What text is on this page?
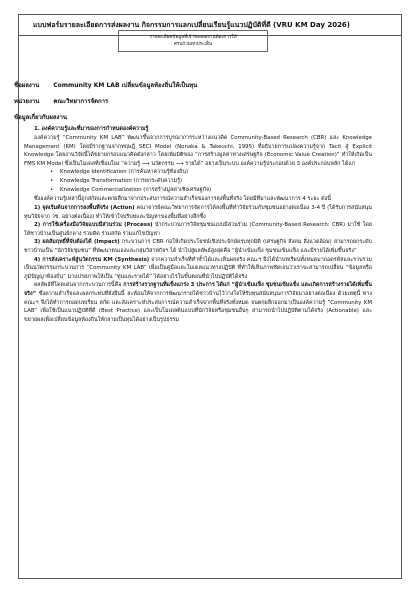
แบบฟอร์มรายละเอียดการส่งผลงาน กิจกรรมการแลกเปลี่ยนเรียนรู้แนวปฏิบัติที่ดี (VRU KM Day 2026)
รายละเอียดข้อมูลที่เจ้าของผลงานต้องการให้
ครบถ้วนทุกประเด็น
ชื่อผลงาน Community KM LAB เปลี่ยนข้อมูลท้องถิ่นให้เป็นทุน
หน่วยงาน คณะวิทยาการจัดการ
ข้อมูลเกี่ยวกับผลงาน
1. องค์ความรู้และที่มาของการกำหนดองค์ความรู้
องค์ความรู้ “Community KM LAB” พัฒนาขึ้นจากการบูรณาการระหว่างแนวคิด Community-Based Research (CBR) และ Knowledge Management (KM) โดยมีรากฐานจากทฤษฎี SECI Model (Nonaka & Takeuchi, 1995) ที่อธิบายการแปลงความรู้จาก Tacit สู่ Explicit Knowledge โดยงานวิจัยนี้ได้ขยายกรอบแนวคิดดังกล่าว โดยเพิ่มมิติของ “การสร้างมูลค่าทางเศรษฐกิจ (Economic Value Creation)” ทำให้เกิดเป็น FMS KM Model ซึ่งเป็นโมเดลที่เชื่อมโยง “ความรู้ ⟶ นวัตกรรม ⟶ รายได้” อย่างเป็นระบบ องค์ความรู้ประกอบด้วย 3 องค์ประกอบหลัก ได้แก่
• Knowledge Identification (การค้นหาความรู้ท้องถิ่น)
• Knowledge Transformation (การยกระดับความรู้)
• Knowledge Commercialization (การสร้างมูลค่าเชิงเศรษฐกิจ)
ซึ่งองค์ความรู้เหล่านี้ถูกสกัดและตกผลึกมาจากประสบการณ์ความสำเร็จของการลงพื้นที่จริง โดยมีที่มาและพัฒนาการ 4 ระยะ ดังนี้
1) จุดเริ่มต้นจากการลงพื้นที่จริง (Action) คณาจารย์คณะวิทยาการจัดการได้ลงพื้นที่ทำวิจัยร่วมกับชุมชนอย่างต่อเนื่อง 3-4 ปี (ได้รับการสนับสนุนทุนวิจัยจาก วช. อย่างต่อเนื่อง) ทำให้เข้าใจบริบทและปัญหาของพื้นที่อย่างลึกซึ้ง
2) การใช้เครื่องมือวิจัยแบบมีส่วนร่วม (Process) นำกระบวนการวิจัยชุมชนแบบมีส่วนร่วม (Community-Based Research: CBR) มาใช้ โดยให้ชาวบ้านเป็นศูนย์กลาง ร่วมคิด ร่วมสกัด ร่วมแก้ไขปัญหา
3) ผลสัมฤทธิ์ที่จับต้องได้ (Impact) กระบวนการ CBR ก่อให้เกิดประโยชน์เชิงประจักษ์ครบทุกมิติ (เศรษฐกิจ สังคม สิ่งแวดล้อม) สามารถยกระดับชาวบ้านเป็น “นักวิจัยชุมชน” ที่พัฒนาตนเองและกลุ่มวิสาหกิจฯ ได้ นำไปสู่ผลลัพธ์สูงสุดคือ “ผู้นำเข้มแข็ง ชุมชนเข้มแข็ง และมีรายได้เพิ่มขึ้นจริง”
4) การสังเคราะห์สู่นวัตกรรม KM (Synthesis) จากความสำเร็จที่ทำซ้ำได้และเห็นผลจริง คณะฯ จึงได้นำบทเรียนทั้งหมดมาถอดรหัสและรวบรวมเป็นนวัตกรรมกระบวนการ “Community KM LAB” เพื่อเป็นคู่มือและโมเดลแนวทางปฏิบัติ ที่ทำให้เห็นภาพชัดเจนว่าเราจะสามารถเปลี่ยน “ข้อมูลหรือภูมิปัญญาท้องถิ่น” มาแปรสภาพให้เป็น “ทุนและรายได้” ได้อย่างไรในขั้นตอนที่นำไปปฏิบัติได้จริง
ผลลัพธ์ที่โดดเด่นจากกระบวนการนี้คือ การสร้างรากฐานที่แข็งแกร่ง 3 ประการ ได้แก่ “ผู้นำเข้มแข็ง ชุมชนเข้มแข็ง และเกิดการสร้างรายได้เพิ่มขึ้นจริง” ซึ่งความสำเร็จและผลกระทบที่ยั่งยืนนี้ สะท้อนให้จากการพัฒนารายได้ชาวบ้านไว้วางใจให้รับทุนสนับสนุนการวิจัยมาอย่างต่อเนื่อง ด้วยเหตุนี้ ทางคณะฯ จึงได้ทำการถอดบทเรียน สกัด และสังเคราะห์ประสบการณ์ความสำเร็จจากพื้นที่จริงทั้งหมด จนตกผลึกออกมาเป็นองค์ความรู้ “Community KM LAB” เพื่อใช้เป็นแนวปฏิบัติที่ดี (Best Practice) และเป็นโมเดลต้นแบบที่นักวิจัยหรือชุมชนอื่นๆ สามารถนำไปปฏิบัติตามได้จริง (Actionable) และขยายผลเพื่อเปลี่ยนข้อมูลท้องถิ่นให้กลายเป็นทุนได้อย่างเป็นรูปธรรม
